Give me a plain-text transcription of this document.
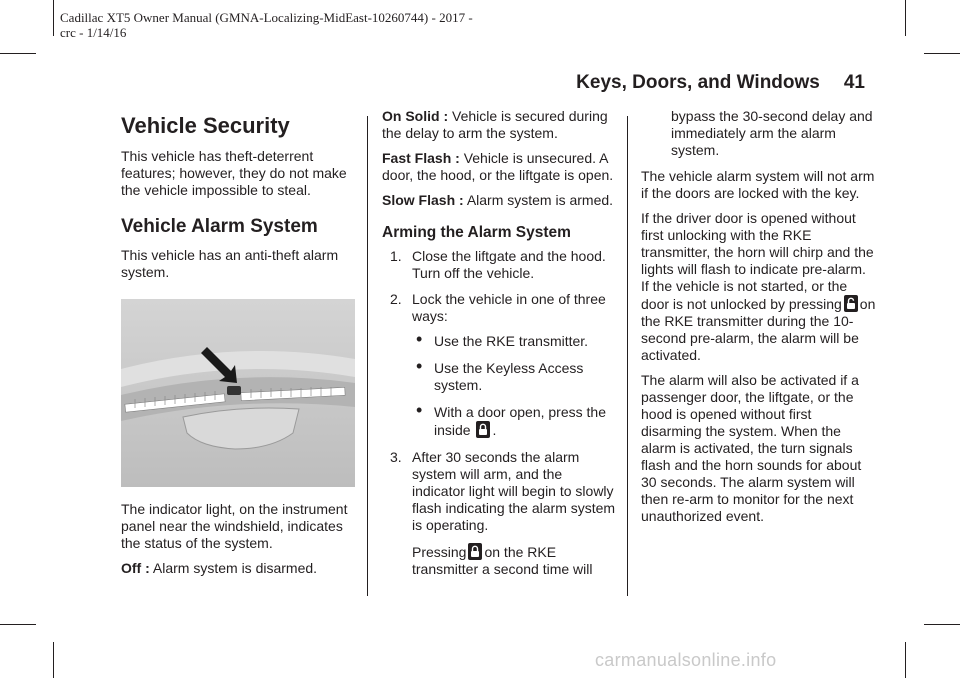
Cadillac XT5 Owner Manual (GMNA-Localizing-MidEast-10260744) - 2017 -
crc - 1/14/16
Keys, Doors, and Windows 41
Vehicle Security

This vehicle has theft-deterrent features; however, they do not make the vehicle impossible to steal.

Vehicle Alarm System

This vehicle has an anti-theft alarm system.

The indicator light, on the instrument panel near the windshield, indicates the status of the system.

Off : Alarm system is disarmed.

On Solid : Vehicle is secured during the delay to arm the system.

Fast Flash : Vehicle is unsecured. A door, the hood, or the liftgate is open.

Slow Flash : Alarm system is armed.

Arming the Alarm System
1. Close the liftgate and the hood. Turn off the vehicle.
2. Lock the vehicle in one of three ways:
• Use the RKE transmitter.
• Use the Keyless Access system.
• With a door open, press the inside .
3. After 30 seconds the alarm system will arm, and the indicator light will begin to slowly flash indicating the alarm system is operating.

Pressing on the RKE transmitter a second time will

bypass the 30-second delay and immediately arm the alarm system.

The vehicle alarm system will not arm if the doors are locked with the key.

If the driver door is opened without first unlocking with the RKE transmitter, the horn will chirp and the lights will flash to indicate pre-alarm. If the vehicle is not started, or the door is not unlocked by pressing on the RKE transmitter during the 10-second pre-alarm, the alarm will be activated.

The alarm will also be activated if a passenger door, the liftgate, or the hood is opened without first disarming the system. When the alarm is activated, the turn signals flash and the horn sounds for about 30 seconds. The alarm system will then re-arm to monitor for the next unauthorized event.

carmanualsonline.info
